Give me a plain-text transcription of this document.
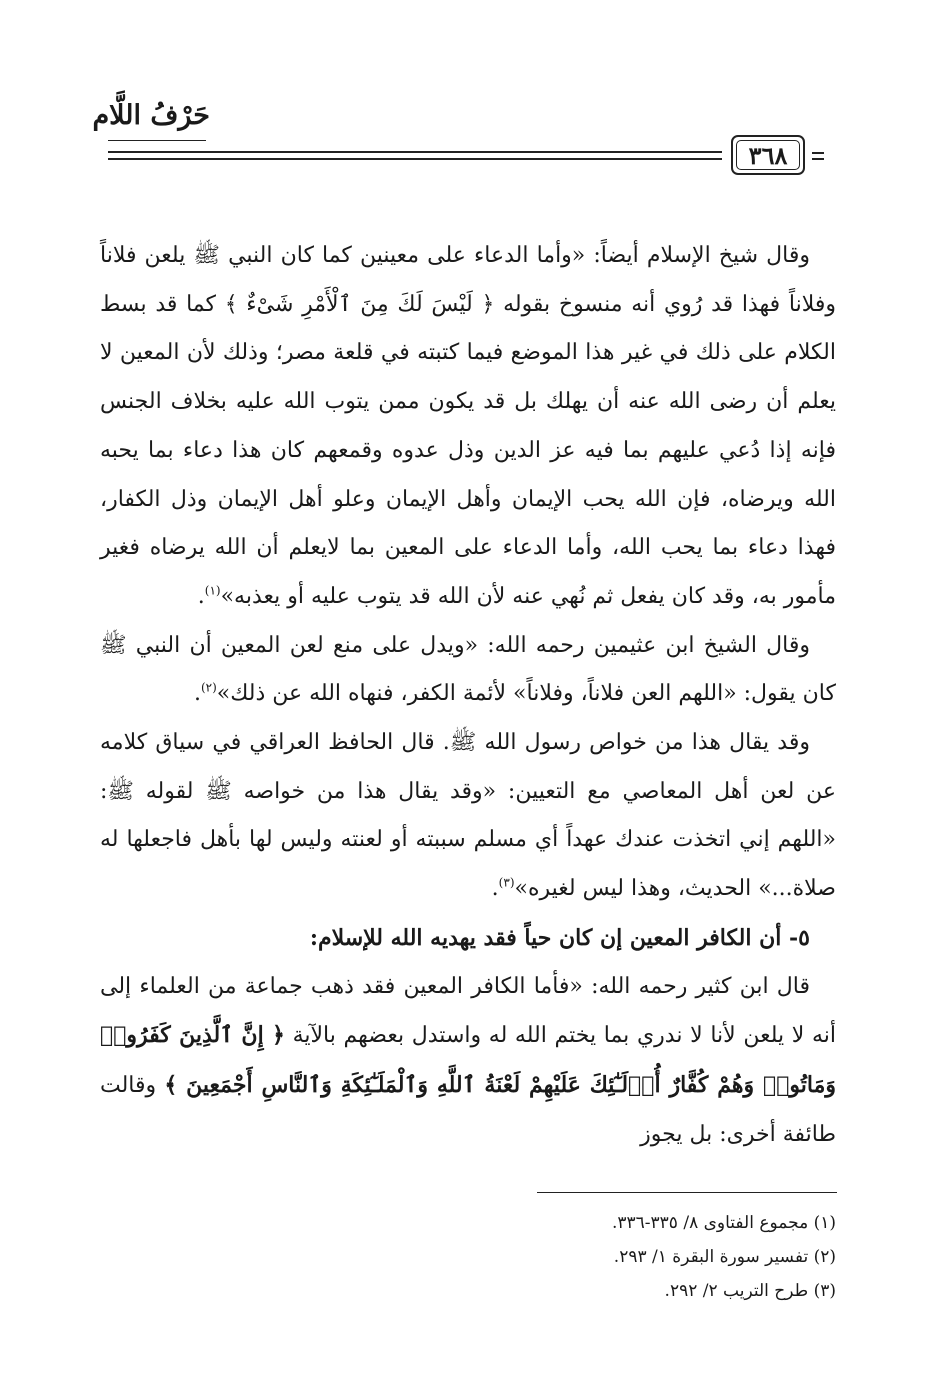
حَرْفُ اللَّام
٣٦٨

وقال شيخ الإسلام أيضاً: «وأما الدعاء على معينين كما كان النبي ﷺ يلعن فلاناً وفلاناً فهذا قد رُوي أنه منسوخ بقوله ﴿ لَيْسَ لَكَ مِنَ ٱلْأَمْرِ شَىْءٌ ﴾ كما قد بسط الكلام على ذلك في غير هذا الموضع فيما كتبته في قلعة مصر؛ وذلك لأن المعين لا يعلم أن رضى الله عنه أن يهلك بل قد يكون ممن يتوب الله عليه بخلاف الجنس فإنه إذا دُعي عليهم بما فيه عز الدين وذل عدوه وقمعهم كان هذا دعاء بما يحبه الله ويرضاه، فإن الله يحب الإيمان وأهل الإيمان وعلو أهل الإيمان وذل الكفار، فهذا دعاء بما يحب الله، وأما الدعاء على المعين بما لايعلم أن الله يرضاه فغير مأمور به، وقد كان يفعل ثم نُهي عنه لأن الله قد يتوب عليه أو يعذبه»$^{(١)}$.

وقال الشيخ ابن عثيمين رحمه الله: «ويدل على منع لعن المعين أن النبي ﷺ كان يقول: «اللهم العن فلاناً، وفلاناً» لأئمة الكفر، فنهاه الله عن ذلك»$^{(٢)}$.

وقد يقال هذا من خواص رسول الله ﷺ. قال الحافظ العراقي في سياق كلامه عن لعن أهل المعاصي مع التعيين: «وقد يقال هذا من خواصه ﷺ لقوله ﷺ: «اللهم إني اتخذت عندك عهداً أي مسلم سببته أو لعنته وليس لها بأهل فاجعلها له صلاة...» الحديث، وهذا ليس لغيره»$^{(٣)}$.

٥- أن الكافر المعين إن كان حياً فقد يهديه الله للإسلام:

قال ابن كثير رحمه الله: «فأما الكافر المعين فقد ذهب جماعة من العلماء إلى أنه لا يلعن لأنا لا ندري بما يختم الله له واستدل بعضهم بالآية ﴿ إِنَّ ٱلَّذِينَ كَفَرُوا۟ وَمَاتُوا۟ وَهُمْ كُفَّارٌ أُو۟لَـٰٓئِكَ عَلَيْهِمْ لَعْنَةُ ٱللَّهِ وَٱلْمَلَـٰٓئِكَةِ وَٱلنَّاسِ أَجْمَعِينَ ﴾ وقالت طائفة أخرى: بل يجوز

(١) مجموع الفتاوى ٨/ ٣٣٥-٣٣٦.
(٢) تفسير سورة البقرة ١/ ٢٩٣.
(٣) طرح التريب ٢/ ٢٩٢.
